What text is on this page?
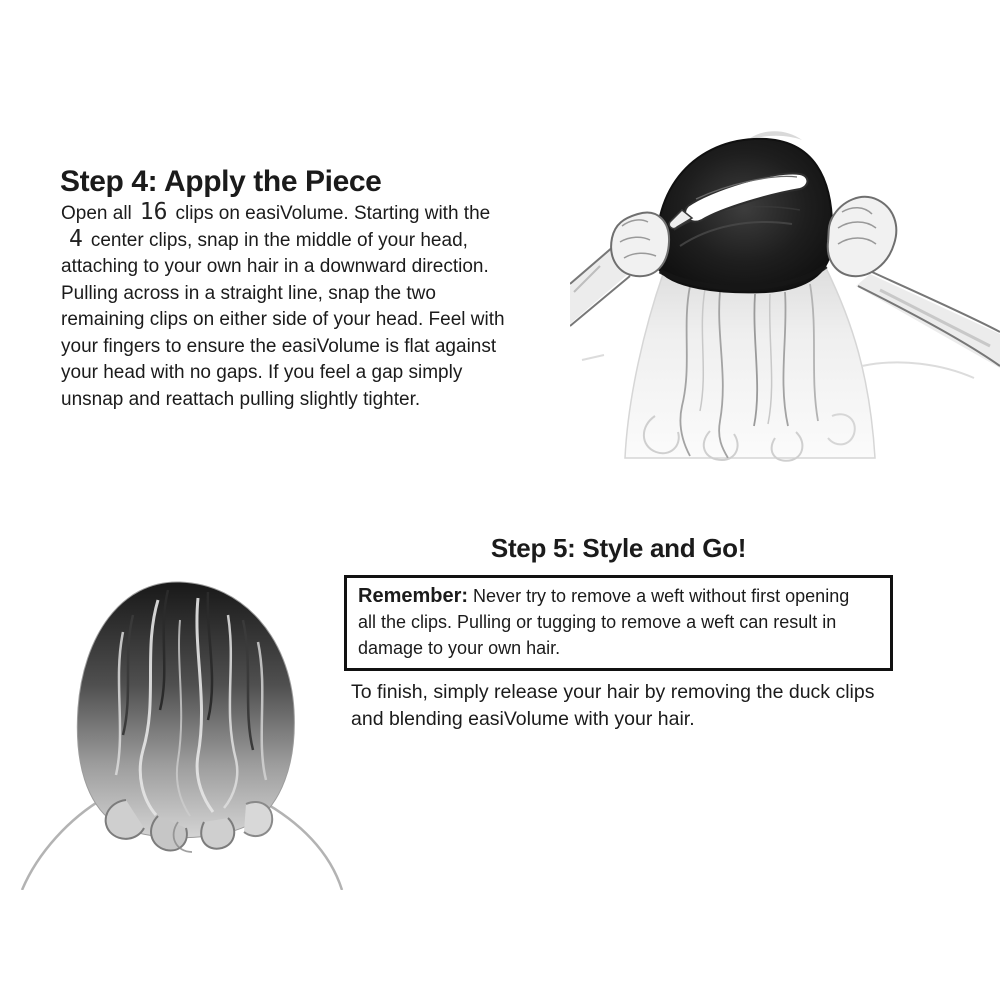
Step 4: Apply the Piece

Open all 16 clips on easiVolume. Starting with the
4 center clips, snap in the middle of your head,
attaching to your own hair in a downward direction.
Pulling across in a straight line, snap the two
remaining clips on either side of your head. Feel with
your fingers to ensure the easiVolume is flat against
your head with no gaps. If you feel a gap simply
unsnap and reattach pulling slightly tighter.

Step 5: Style and Go!

Remember: Never try to remove a weft without first opening
all the clips. Pulling or tugging to remove a weft can result in
damage to your own hair.

To finish, simply release your hair by removing the duck clips
and blending easiVolume with your hair.
